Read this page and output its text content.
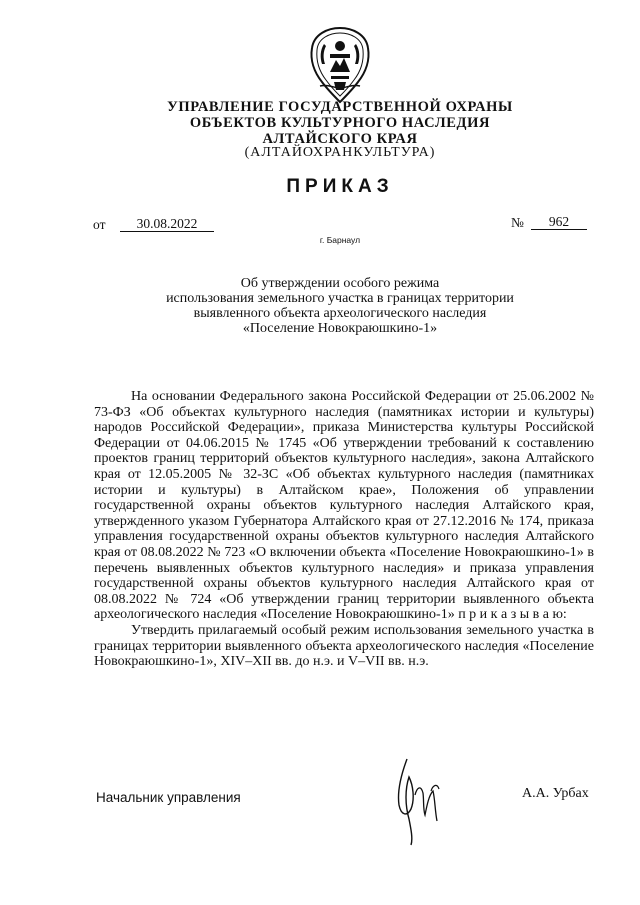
УПРАВЛЕНИЕ ГОСУДАРСТВЕННОЙ ОХРАНЫ
ОБЪЕКТОВ КУЛЬТУРНОГО НАСЛЕДИЯ
АЛТАЙСКОГО КРАЯ
(АЛТАЙОХРАНКУЛЬТУРА)
ПРИКАЗ
от	30.08.2022	№	962
г. Барнаул
Об утверждении особого режима
использования земельного участка в границах территории
выявленного объекта археологического наследия
«Поселение Новокраюшкино-1»

На основании Федерального закона Российской Федерации от 25.06.2002 № 73-ФЗ «Об объектах культурного наследия (памятниках истории и культуры) народов Российской Федерации», приказа Министерства культуры Российской Федерации от 04.06.2015 № 1745 «Об утверждении требований к составлению проектов границ территорий объектов культурного наследия», закона Алтайского края от 12.05.2005 № 32-ЗС «Об объектах культурного наследия (памятниках истории и культуры) в Алтайском крае», Положения об управлении государственной охраны объектов культурного наследия Алтайского края, утвержденного указом Губернатора Алтайского края от 27.12.2016 № 174, приказа управления государственной охраны объектов культурного наследия Алтайского края от 08.08.2022 № 723 «О включении объекта «Поселение Новокраюшкино-1» в перечень выявленных объектов культурного наследия» и приказа управления государственной охраны объектов культурного наследия Алтайского края от 08.08.2022 № 724 «Об утверждении границ территории выявленного объекта археологического наследия «Поселение Новокраюшкино-1» п р и к а з ы в а ю:

Утвердить прилагаемый особый режим использования земельного участка в границах территории выявленного объекта археологического наследия «Поселение Новокраюшкино-1», XIV–XII вв. до н.э. и V–VII вв. н.э.

Начальник управления	А.А. Урбах
